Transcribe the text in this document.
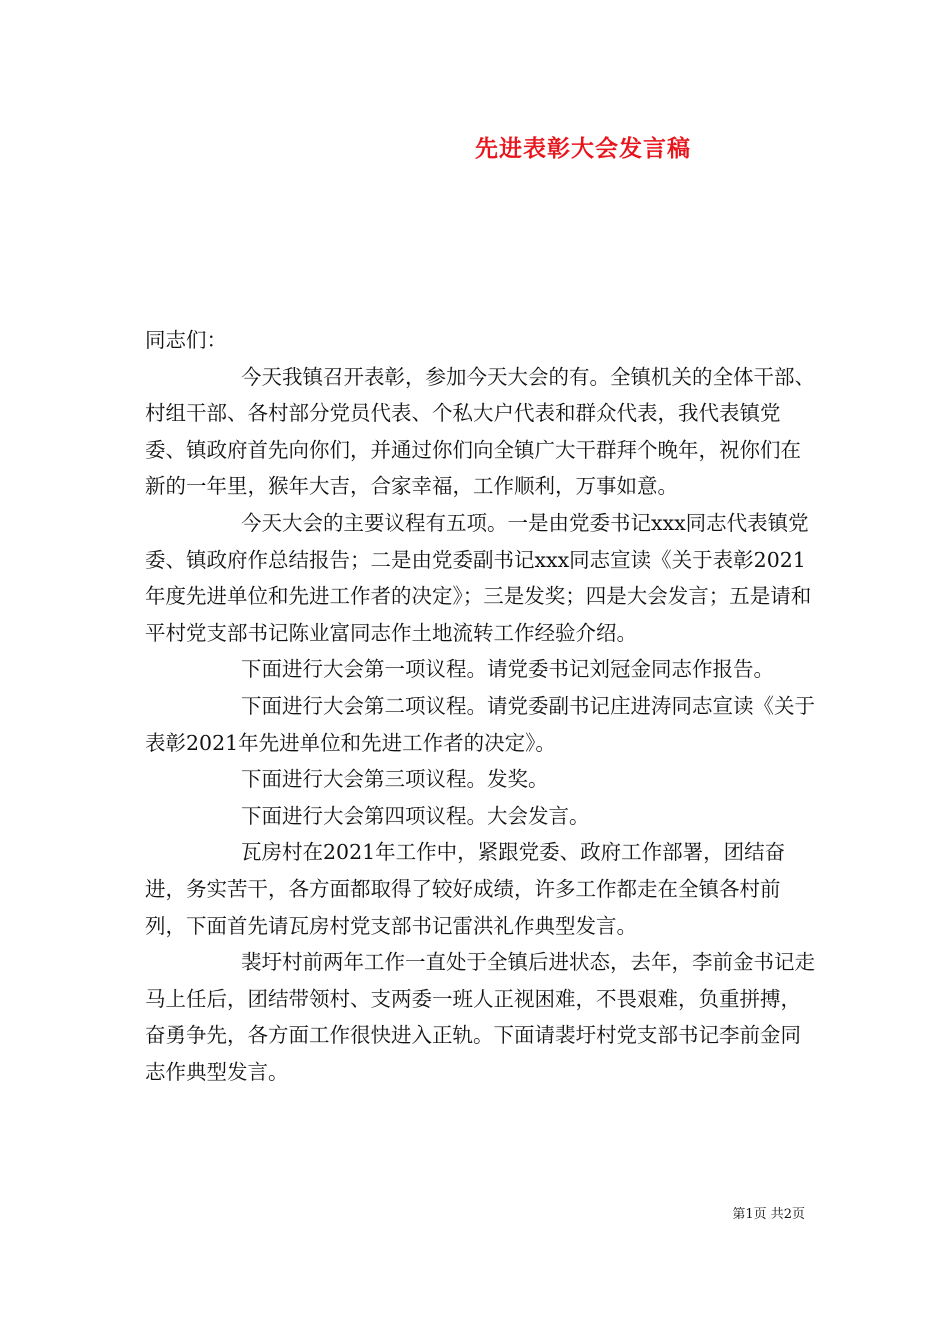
先进表彰大会发言稿

同志们：

今天我镇召开表彰，参加今天大会的有。全镇机关的全体干部、村组干部、各村部分党员代表、个私大户代表和群众代表，我代表镇党委、镇政府首先向你们，并通过你们向全镇广大干群拜个晚年，祝你们在新的一年里，猴年大吉，合家幸福，工作顺利，万事如意。

今天大会的主要议程有五项。一是由党委书记xxx同志代表镇党委、镇政府作总结报告；二是由党委副书记xxx同志宣读《关于表彰2021年度先进单位和先进工作者的决定》；三是发奖；四是大会发言；五是请和平村党支部书记陈业富同志作土地流转工作经验介绍。

下面进行大会第一项议程。请党委书记刘冠金同志作报告。

下面进行大会第二项议程。请党委副书记庄进涛同志宣读《关于表彰2021年先进单位和先进工作者的决定》。

下面进行大会第三项议程。发奖。

下面进行大会第四项议程。大会发言。

瓦房村在2021年工作中，紧跟党委、政府工作部署，团结奋进，务实苦干，各方面都取得了较好成绩，许多工作都走在全镇各村前列，下面首先请瓦房村党支部书记雷洪礼作典型发言。

裴圩村前两年工作一直处于全镇后进状态，去年，李前金书记走马上任后，团结带领村、支两委一班人正视困难，不畏艰难，负重拼搏，奋勇争先，各方面工作很快进入正轨。下面请裴圩村党支部书记李前金同志作典型发言。

第1页 共2页
